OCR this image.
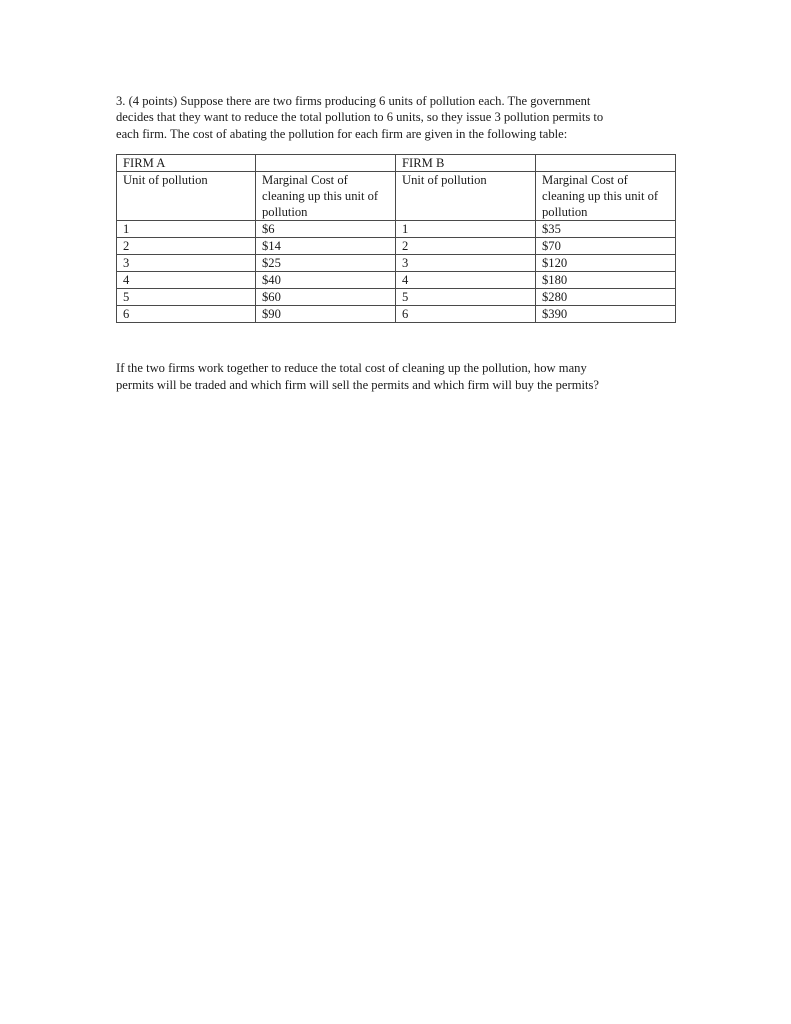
3. (4 points) Suppose there are two firms producing 6 units of pollution each. The government

decides that they want to reduce the total pollution to 6 units, so they issue 3 pollution permits to

each firm. The cost of abating the pollution for each firm are given in the following table:

FIRM A		FIRM B	
Unit of pollution	Marginal Cost of cleaning up this unit of pollution	Unit of pollution	Marginal Cost of cleaning up this unit of pollution
1	$6	1	$35
2	$14	2	$70
3	$25	3	$120
4	$40	4	$180
5	$60	5	$280
6	$90	6	$390

If the two firms work together to reduce the total cost of cleaning up the pollution, how many

permits will be traded and which firm will sell the permits and which firm will buy the permits?
